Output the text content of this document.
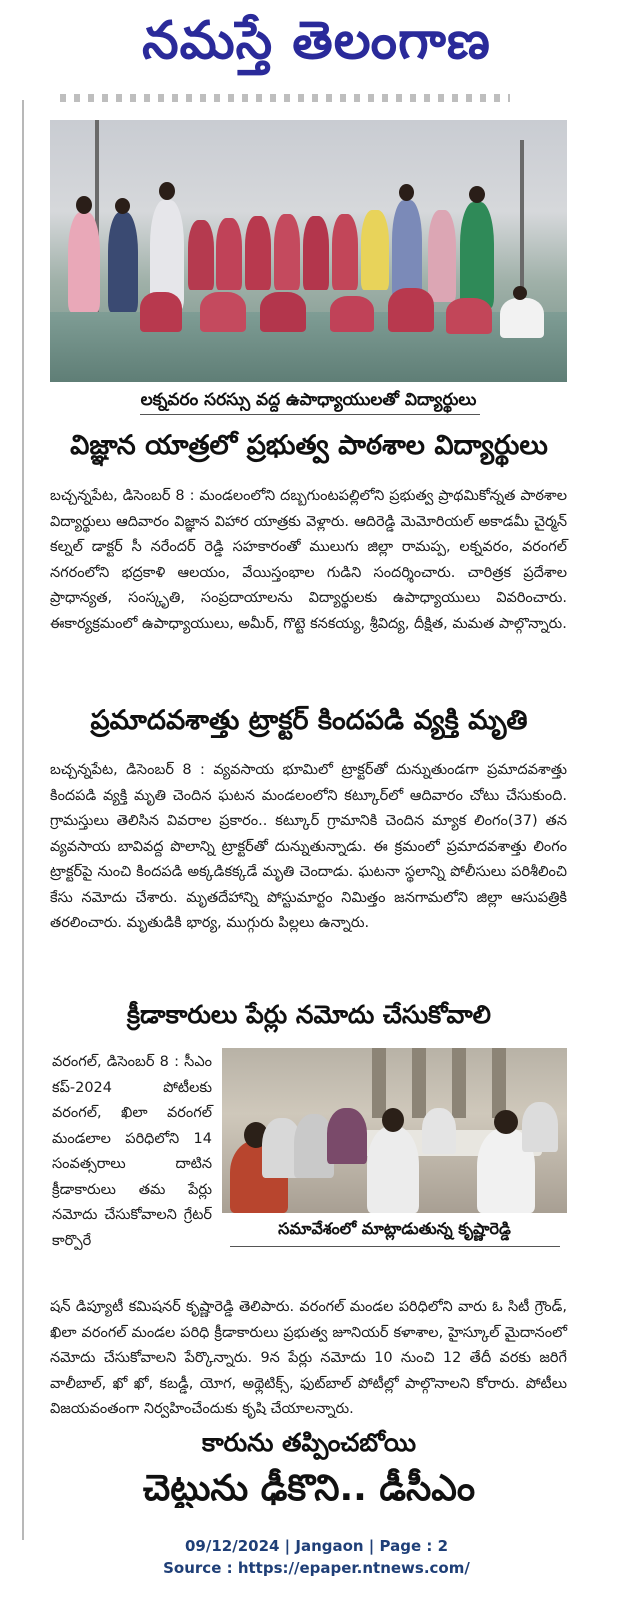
నమస్తే తెలంగాణ
లక్నవరం సరస్సు వద్ద ఉపాధ్యాయులతో విద్యార్థులు
విజ్ఞాన యాత్రలో ప్రభుత్వ పాఠశాల విద్యార్థులు
బచ్చన్నపేట, డిసెంబర్ 8 : మండలంలోని దబ్బగుంటపల్లిలోని ప్రభుత్వ ప్రాథమికోన్నత పాఠశాల విద్యార్థులు ఆదివారం విజ్ఞాన విహార యాత్రకు వెళ్లారు. ఆదిరెడ్డి మెమోరియల్ అకాడమీ చైర్మన్ కల్నల్ డాక్టర్ సీ నరేందర్ రెడ్డి సహకారంతో ములుగు జిల్లా రామప్ప, లక్నవరం, వరంగల్ నగరంలోని భద్రకాళి ఆలయం, వేయిస్తంభాల గుడిని సందర్శించారు. చారిత్రక ప్రదేశాల ప్రాధాన్యత, సంస్కృతి, సంప్రదాయాలను విద్యార్థులకు ఉపాధ్యాయులు వివరించారు. ఈకార్యక్రమంలో ఉపాధ్యాయులు, అమీర్, గొట్టె కనకయ్య, శ్రీవిద్య, దీక్షిత, మమత పాల్గొన్నారు.
ప్రమాదవశాత్తు ట్రాక్టర్ కిందపడి వ్యక్తి మృతి
బచ్చన్నపేట, డిసెంబర్ 8 : వ్యవసాయ భూమిలో ట్రాక్టర్‌తో దున్నుతుండగా ప్రమాదవశాత్తు కిందపడి వ్యక్తి మృతి చెందిన ఘటన మండలంలోని కట్కూర్‌లో ఆదివారం చోటు చేసుకుంది. గ్రామస్తులు తెలిసిన వివరాల ప్రకారం.. కట్కూర్ గ్రామానికి చెందిన మ్యాక లింగం(37) తన వ్యవసాయ బావివద్ద పొలాన్ని ట్రాక్టర్‌తో దున్నుతున్నాడు. ఈ క్రమంలో ప్రమాదవశాత్తు లింగం ట్రాక్టర్‌పై నుంచి కిందపడి అక్కడికక్కడే మృతి చెందాడు. ఘటనా స్థలాన్ని పోలీసులు పరిశీలించి కేసు నమోదు చేశారు. మృతదేహాన్ని పోస్టుమార్టం నిమిత్తం జనగామలోని జిల్లా ఆసుపత్రికి తరలించారు. మృతుడికి భార్య, ముగ్గురు పిల్లలు ఉన్నారు.
క్రీడాకారులు పేర్లు నమోదు చేసుకోవాలి
వరంగల్, డిసెంబర్ 8 : సీఎం కప్-2024 పోటీలకు వరంగల్, ఖిలా వరంగల్ మండలాల పరిధిలోని 14 సంవత్సరాలు దాటిన క్రీడాకారులు తమ పేర్లు నమోదు చేసుకోవాలని గ్రేటర్ కార్పొరే
సమావేశంలో మాట్లాడుతున్న కృష్ణారెడ్డి
షన్ డిప్యూటీ కమిషనర్ కృష్ణారెడ్డి తెలిపారు. వరంగల్ మండల పరిధిలోని వారు ఓ సిటీ గ్రౌండ్, ఖిలా వరంగల్ మండల పరిధి క్రీడాకారులు ప్రభుత్వ జూనియర్ కళాశాల, హైస్కూల్ మైదానంలో నమోదు చేసుకోవాలని పేర్కొన్నారు. 9న పేర్లు నమోదు 10 నుంచి 12 తేదీ వరకు జరిగే వాలీబాల్, ఖో ఖో, కబడ్డీ, యోగ, అథ్లెటిక్స్, ఫుట్‌బాల్ పోటీల్లో పాల్గొనాలని కోరారు. పోటీలు విజయవంతంగా నిర్వహించేందుకు కృషి చేయాలన్నారు.
కారును తప్పించబోయి
చెట్టును ఢీకొని.. డీసీఎం
09/12/2024 | Jangaon | Page : 2
Source : https://epaper.ntnews.com/
